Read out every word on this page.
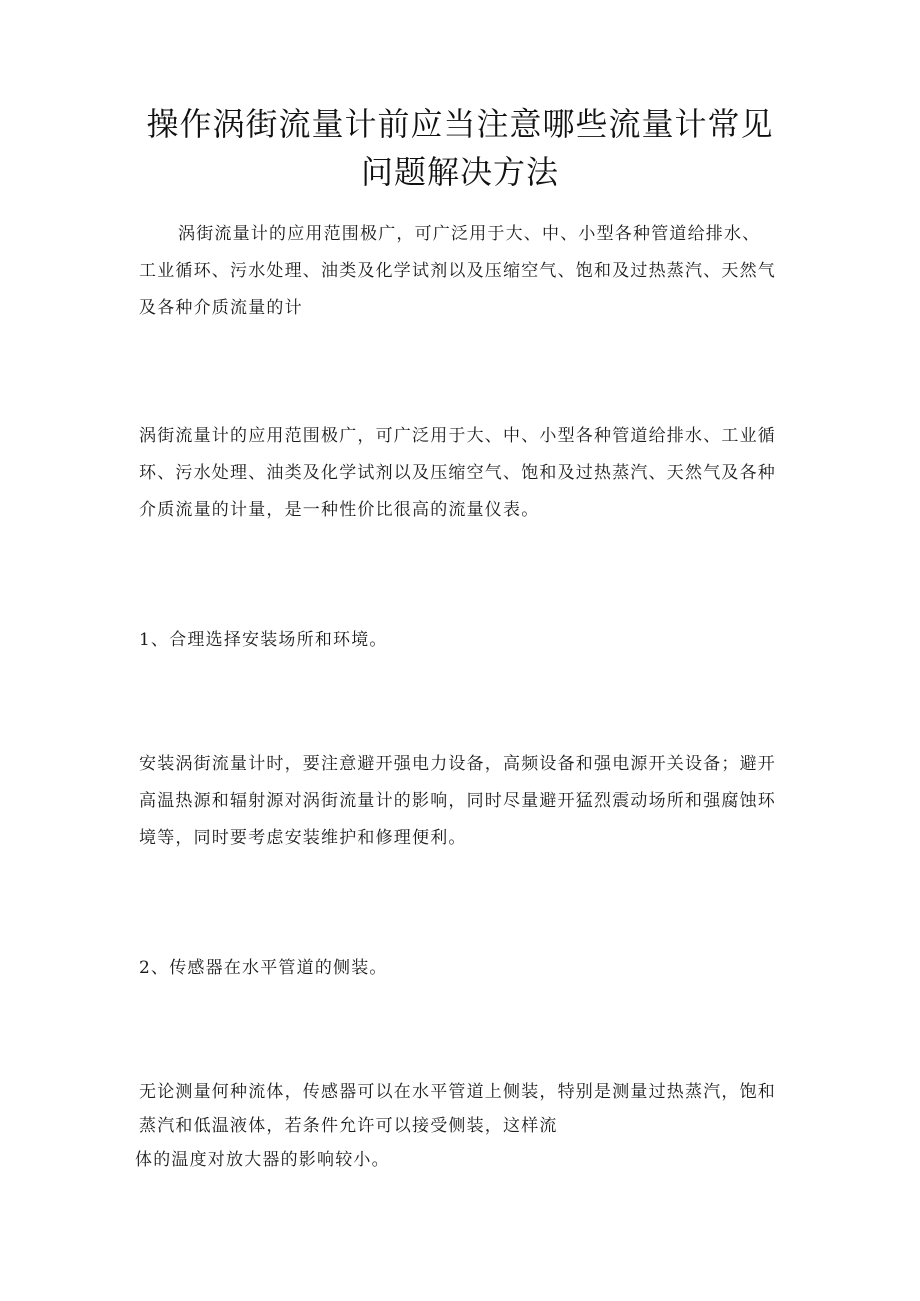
操作涡街流量计前应当注意哪些流量计常见
问题解决方法

涡街流量计的应用范围极广，可广泛用于大、中、小型各种管道给排水、
工业循环、污水处理、油类及化学试剂以及压缩空气、饱和及过热蒸汽、天然气
及各种介质流量的计

涡街流量计的应用范围极广，可广泛用于大、中、小型各种管道给排水、工业循
环、污水处理、油类及化学试剂以及压缩空气、饱和及过热蒸汽、天然气及各种
介质流量的计量，是一种性价比很高的流量仪表。

1、合理选择安装场所和环境。

安装涡街流量计时，要注意避开强电力设备，高频设备和强电源开关设备；避开
高温热源和辐射源对涡街流量计的影响，同时尽量避开猛烈震动场所和强腐蚀环
境等，同时要考虑安装维护和修理便利。

2、传感器在水平管道的侧装。

无论测量何种流体，传感器可以在水平管道上侧装，特别是测量过热蒸汽，饱和
蒸汽和低温液体，若条件允许可以接受侧装，这样流
体的温度对放大器的影响较小。
